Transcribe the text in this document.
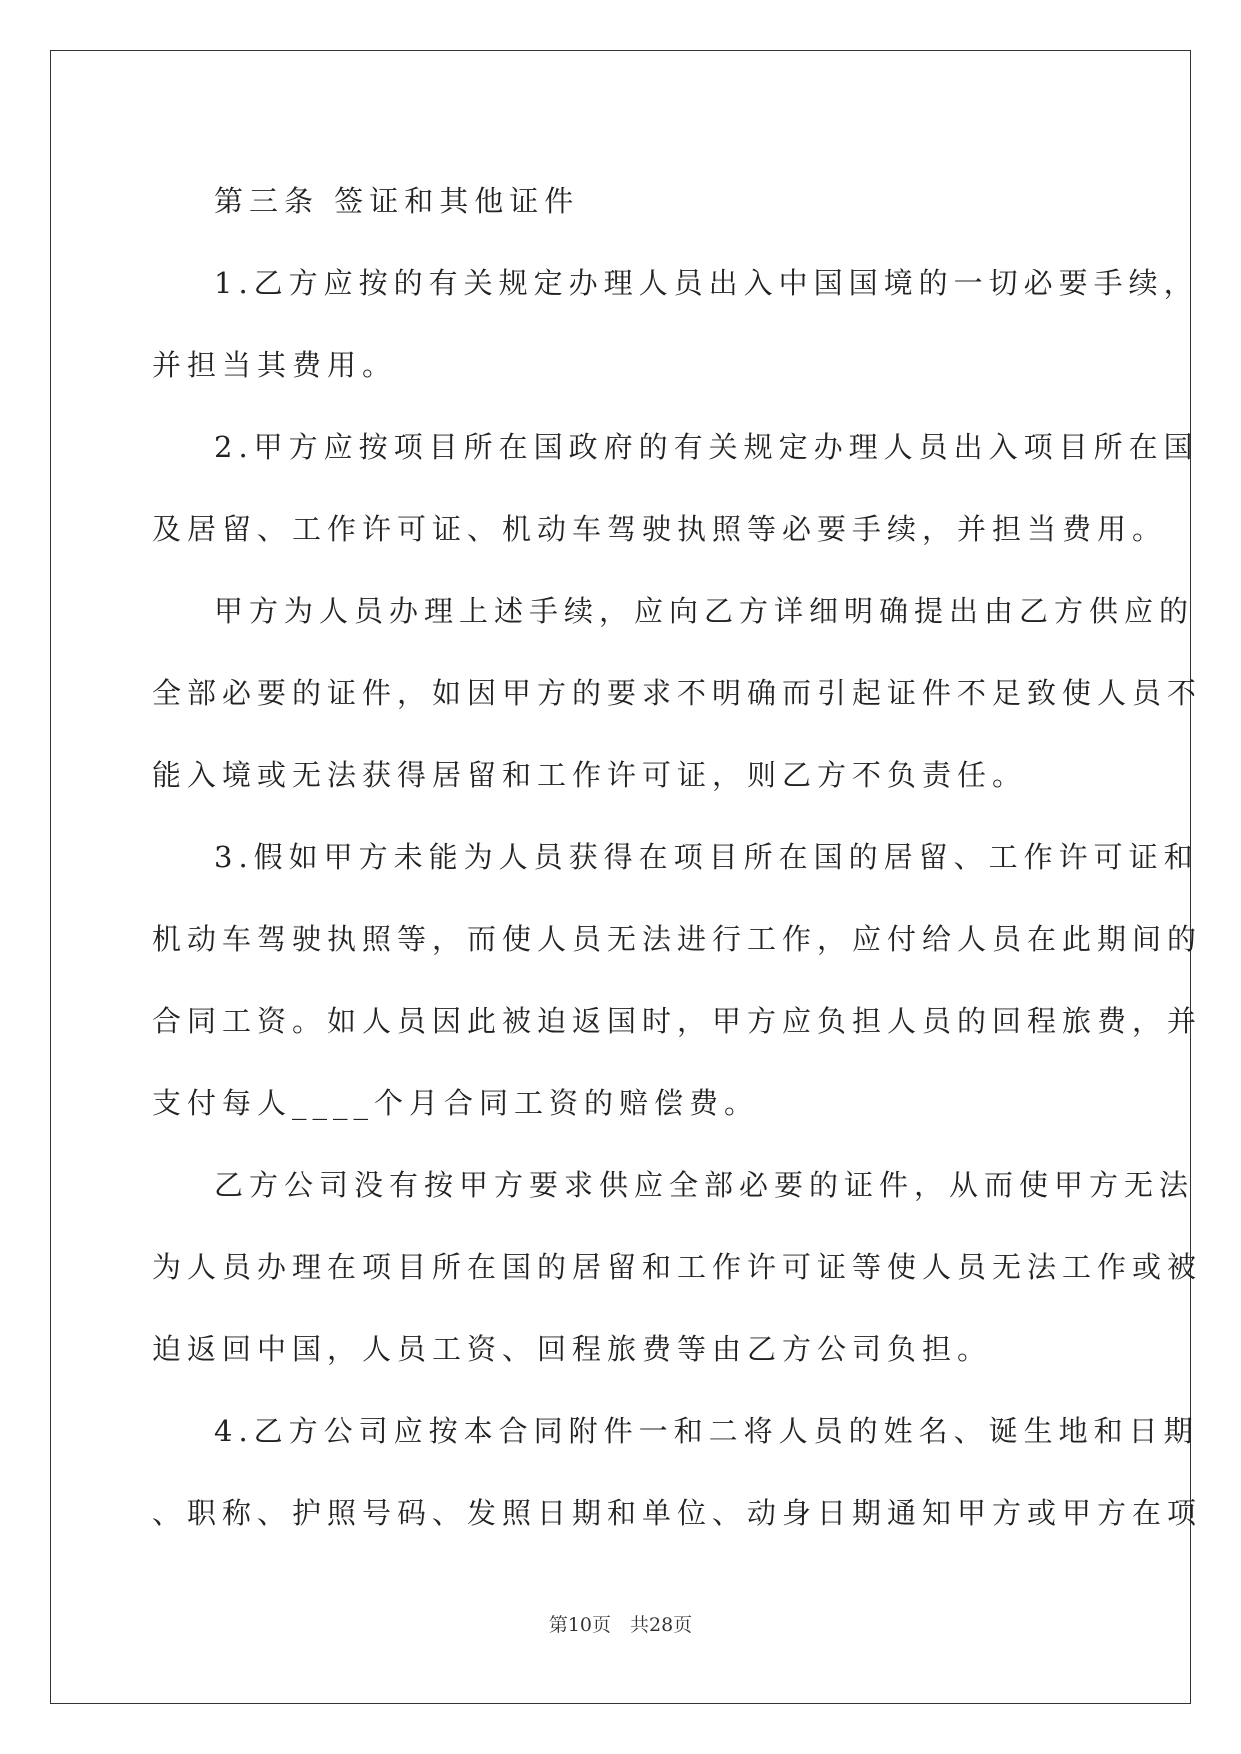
第三条 签证和其他证件
1.乙方应按的有关规定办理人员出入中国国境的一切必要手续，
并担当其费用。
2.甲方应按项目所在国政府的有关规定办理人员出入项目所在国
及居留、工作许可证、机动车驾驶执照等必要手续，并担当费用。
甲方为人员办理上述手续，应向乙方详细明确提出由乙方供应的
全部必要的证件，如因甲方的要求不明确而引起证件不足致使人员不
能入境或无法获得居留和工作许可证，则乙方不负责任。
3.假如甲方未能为人员获得在项目所在国的居留、工作许可证和
机动车驾驶执照等，而使人员无法进行工作，应付给人员在此期间的
合同工资。如人员因此被迫返国时，甲方应负担人员的回程旅费，并
支付每人____个月合同工资的赔偿费。
乙方公司没有按甲方要求供应全部必要的证件，从而使甲方无法
为人员办理在项目所在国的居留和工作许可证等使人员无法工作或被
迫返回中国，人员工资、回程旅费等由乙方公司负担。
4.乙方公司应按本合同附件一和二将人员的姓名、诞生地和日期
、职称、护照号码、发照日期和单位、动身日期通知甲方或甲方在项
第10页　共28页
